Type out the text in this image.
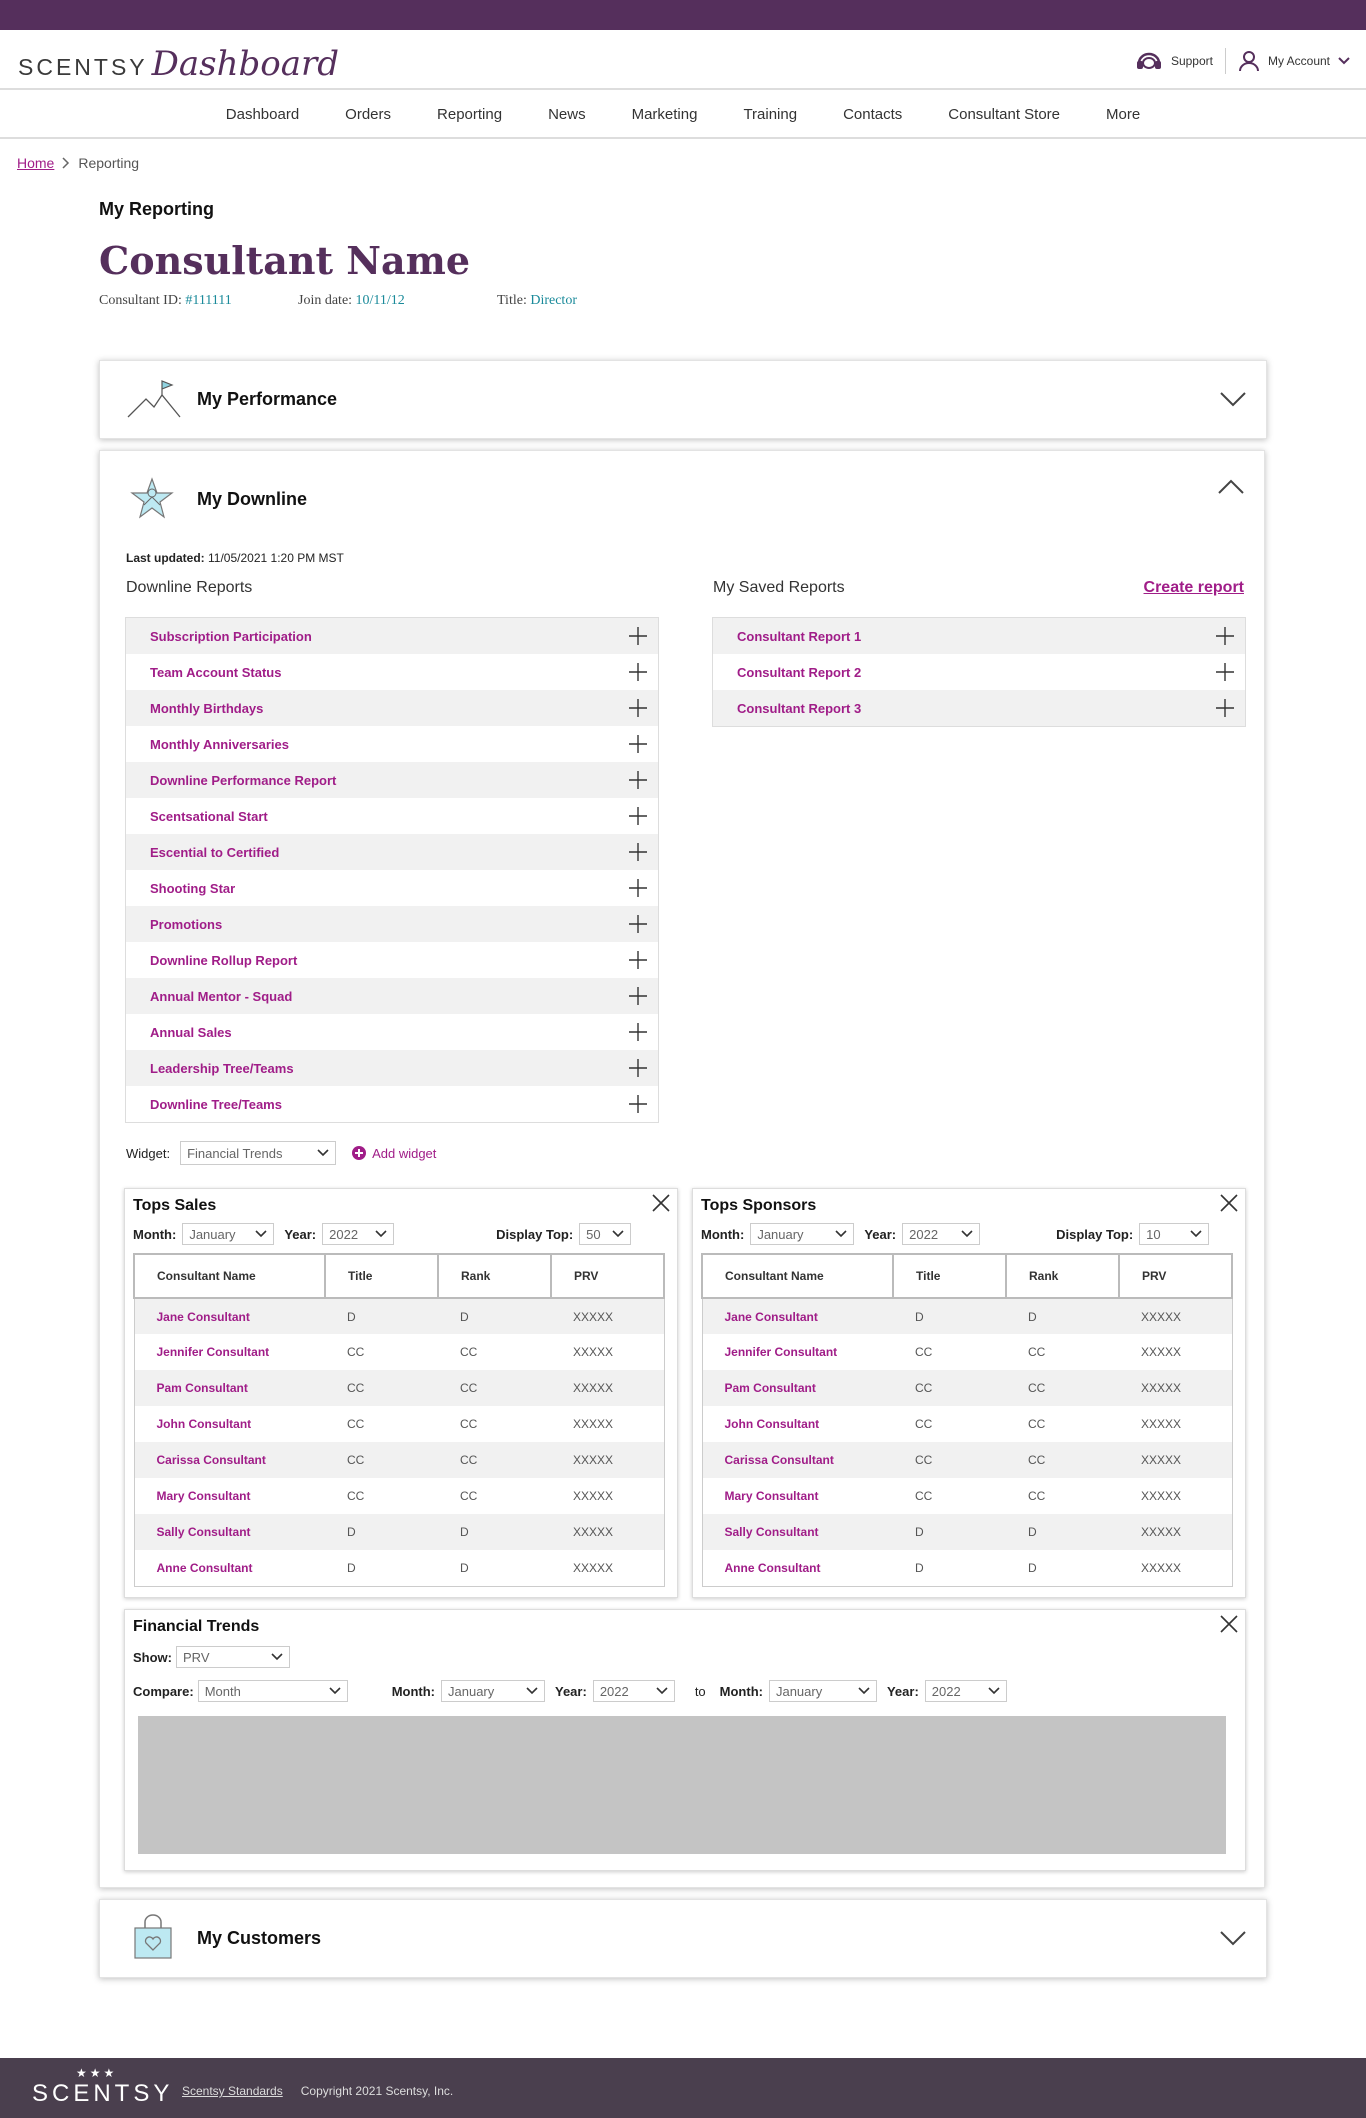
SCENTSY Dashboard	Support	My Account
Dashboard	Orders	Reporting	News	Marketing	Training	Contacts	Consultant Store	More
Home Reporting
My Reporting
Consultant Name
Consultant ID: #111111	Join date: 10/11/12	Title: Director
My Performance
My Downline
Last updated: 11/05/2021 1:20 PM MST
Downline Reports	My Saved Reports	Create report
Subscription Participation
Team Account Status
Monthly Birthdays
Monthly Anniversaries
Downline Performance Report
Scentsational Start
Escential to Certified
Shooting Star
Promotions
Downline Rollup Report
Annual Mentor - Squad
Annual Sales
Leadership Tree/Teams
Downline Tree/Teams
Consultant Report 1
Consultant Report 2
Consultant Report 3
Widget: Financial Trends	Add widget
Tops Sales
Month: January	Year: 2022	Display Top: 50
Consultant Name	Title	Rank	PRV
Jane Consultant	D	D	XXXXX
Jennifer Consultant	CC	CC	XXXXX
Pam Consultant	CC	CC	XXXXX
John Consultant	CC	CC	XXXXX
Carissa Consultant	CC	CC	XXXXX
Mary Consultant	CC	CC	XXXXX
Sally Consultant	D	D	XXXXX
Anne Consultant	D	D	XXXXX
Tops Sponsors
Month: January	Year: 2022	Display Top: 10
Consultant Name	Title	Rank	PRV
Jane Consultant	D	D	XXXXX
Jennifer Consultant	CC	CC	XXXXX
Pam Consultant	CC	CC	XXXXX
John Consultant	CC	CC	XXXXX
Carissa Consultant	CC	CC	XXXXX
Mary Consultant	CC	CC	XXXXX
Sally Consultant	D	D	XXXXX
Anne Consultant	D	D	XXXXX
Financial Trends
Show: PRV
Compare: Month	Month: January	Year: 2022	to Month: January	Year: 2022
My Customers
★★★
SCENTSY Scentsy Standards Copyright 2021 Scentsy, Inc.
